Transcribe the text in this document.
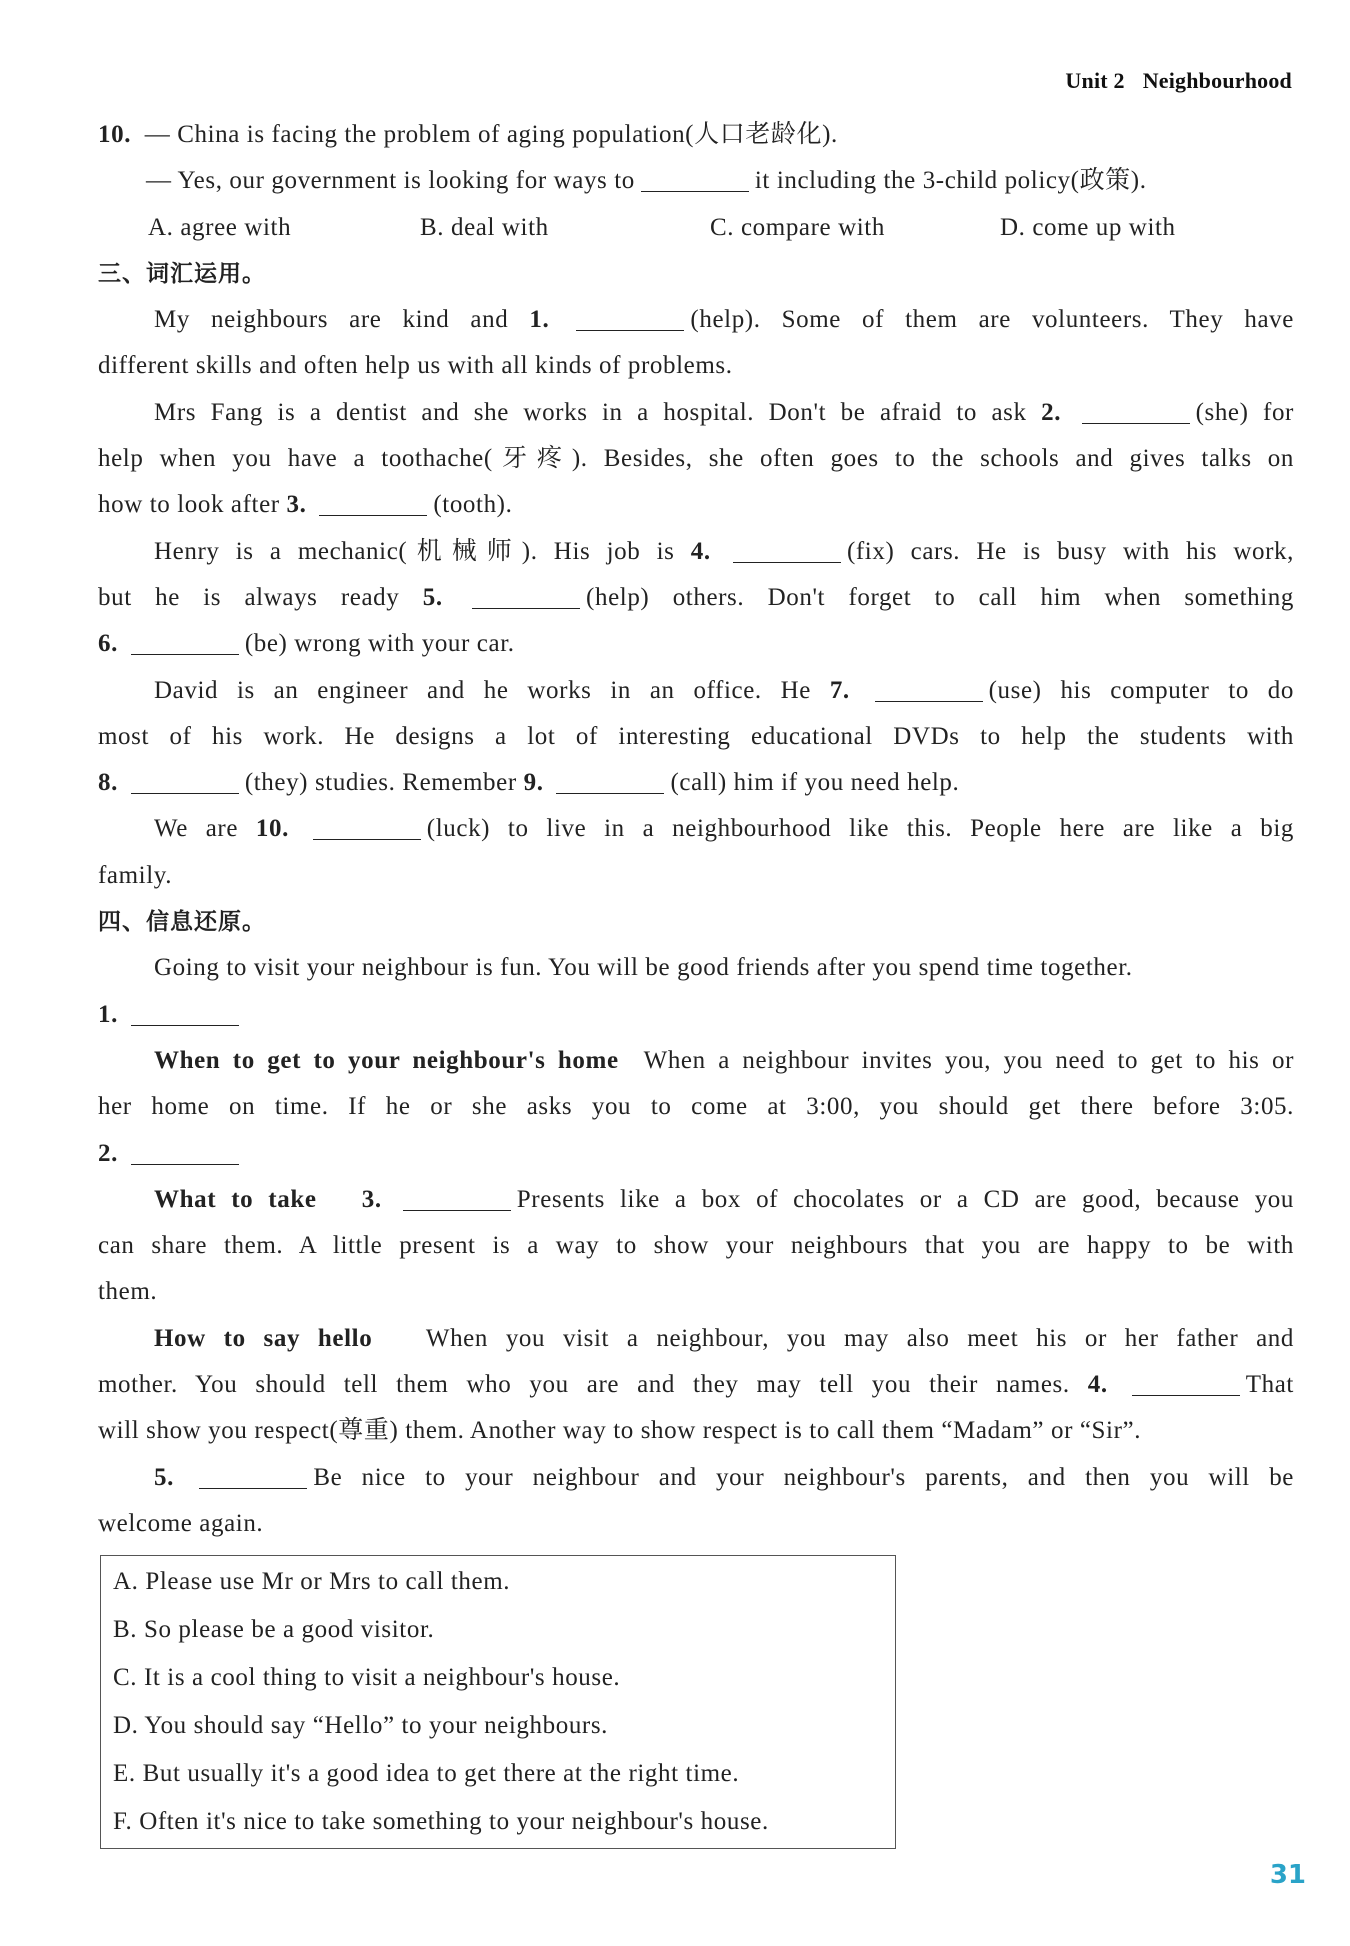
Unit 2 Neighbourhood
10. — China is facing the problem of aging population(人口老龄化).
— Yes, our government is looking for ways to	it including the 3-child policy(政策).
A. agree with	B. deal with	C. compare with	D. come up with
三、词汇运用。
My neighbours are kind and 1.	(help). Some of them are volunteers. They have
different skills and often help us with all kinds of problems.
Mrs Fang is a dentist and she works in a hospital. Don't be afraid to ask 2.	(she) for
help when you have a toothache(牙疼). Besides, she often goes to the schools and gives talks on
how to look after 3.	(tooth).
Henry is a mechanic(机械师). His job is 4.	(fix) cars. He is busy with his work,
but he is always ready 5.	(help) others. Don't forget to call him when something
6.	(be) wrong with your car.
David is an engineer and he works in an office. He 7.	(use) his computer to do
most of his work. He designs a lot of interesting educational DVDs to help the students with
8.	(they) studies. Remember 9.	(call) him if you need help.
We are 10.	(luck) to live in a neighbourhood like this. People here are like a big
family.
四、信息还原。
Going to visit your neighbour is fun. You will be good friends after you spend time together.
1.
When to get to your neighbour's home When a neighbour invites you, you need to get to his or
her home on time. If he or she asks you to come at 3:00, you should get there before 3:05.
2.
What to take 3.	Presents like a box of chocolates or a CD are good, because you
can share them. A little present is a way to show your neighbours that you are happy to be with
them.
How to say hello When you visit a neighbour, you may also meet his or her father and
mother. You should tell them who you are and they may tell you their names. 4.	That
will show you respect(尊重) them. Another way to show respect is to call them “Madam” or “Sir”.
5.	Be nice to your neighbour and your neighbour's parents, and then you will be
welcome again.
A. Please use Mr or Mrs to call them.
B. So please be a good visitor.
C. It is a cool thing to visit a neighbour's house.
D. You should say “Hello” to your neighbours.
E. But usually it's a good idea to get there at the right time.
F. Often it's nice to take something to your neighbour's house.
31
